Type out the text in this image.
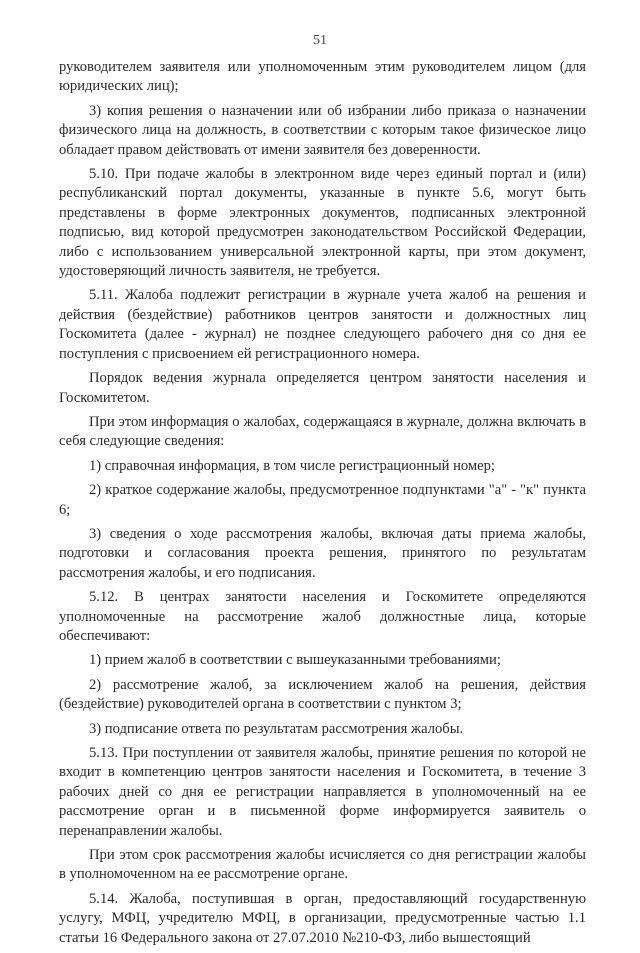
51

руководителем заявителя или уполномоченным этим руководителем лицом (для юридических лиц);

3) копия решения о назначении или об избрании либо приказа о назначении физического лица на должность, в соответствии с которым такое физическое лицо обладает правом действовать от имени заявителя без доверенности.

5.10. При подаче жалобы в электронном виде через единый портал и (или) республиканский портал документы, указанные в пункте 5.6, могут быть представлены в форме электронных документов, подписанных электронной подписью, вид которой предусмотрен законодательством Российской Федерации, либо с использованием универсальной электронной карты, при этом документ, удостоверяющий личность заявителя, не требуется.

5.11. Жалоба подлежит регистрации в журнале учета жалоб на решения и действия (бездействие) работников центров занятости и должностных лиц Госкомитета (далее - журнал) не позднее следующего рабочего дня со дня ее поступления с присвоением ей регистрационного номера.

Порядок ведения журнала определяется центром занятости населения и Госкомитетом.

При этом информация о жалобах, содержащаяся в журнале, должна включать в себя следующие сведения:

1) справочная информация, в том числе регистрационный номер;

2) краткое содержание жалобы, предусмотренное подпунктами "а" - "к" пункта 6;

3) сведения о ходе рассмотрения жалобы, включая даты приема жалобы, подготовки и согласования проекта решения, принятого по результатам рассмотрения жалобы, и его подписания.

5.12. В центрах занятости населения и Госкомитете определяются уполномоченные на рассмотрение жалоб должностные лица, которые обеспечивают:

1) прием жалоб в соответствии с вышеуказанными требованиями;

2) рассмотрение жалоб, за исключением жалоб на решения, действия (бездействие) руководителей органа в соответствии с пунктом 3;

3) подписание ответа по результатам рассмотрения жалобы.

5.13. При поступлении от заявителя жалобы, принятие решения по которой не входит в компетенцию центров занятости населения и Госкомитета, в течение 3 рабочих дней со дня ее регистрации направляется в уполномоченный на ее рассмотрение орган и в письменной форме информируется заявитель о перенаправлении жалобы.

При этом срок рассмотрения жалобы исчисляется со дня регистрации жалобы в уполномоченном на ее рассмотрение органе.

5.14. Жалоба, поступившая в орган, предоставляющий государственную услугу, МФЦ, учредителю МФЦ, в организации, предусмотренные частью 1.1 статьи 16 Федерального закона от 27.07.2010 №210-ФЗ, либо вышестоящий
